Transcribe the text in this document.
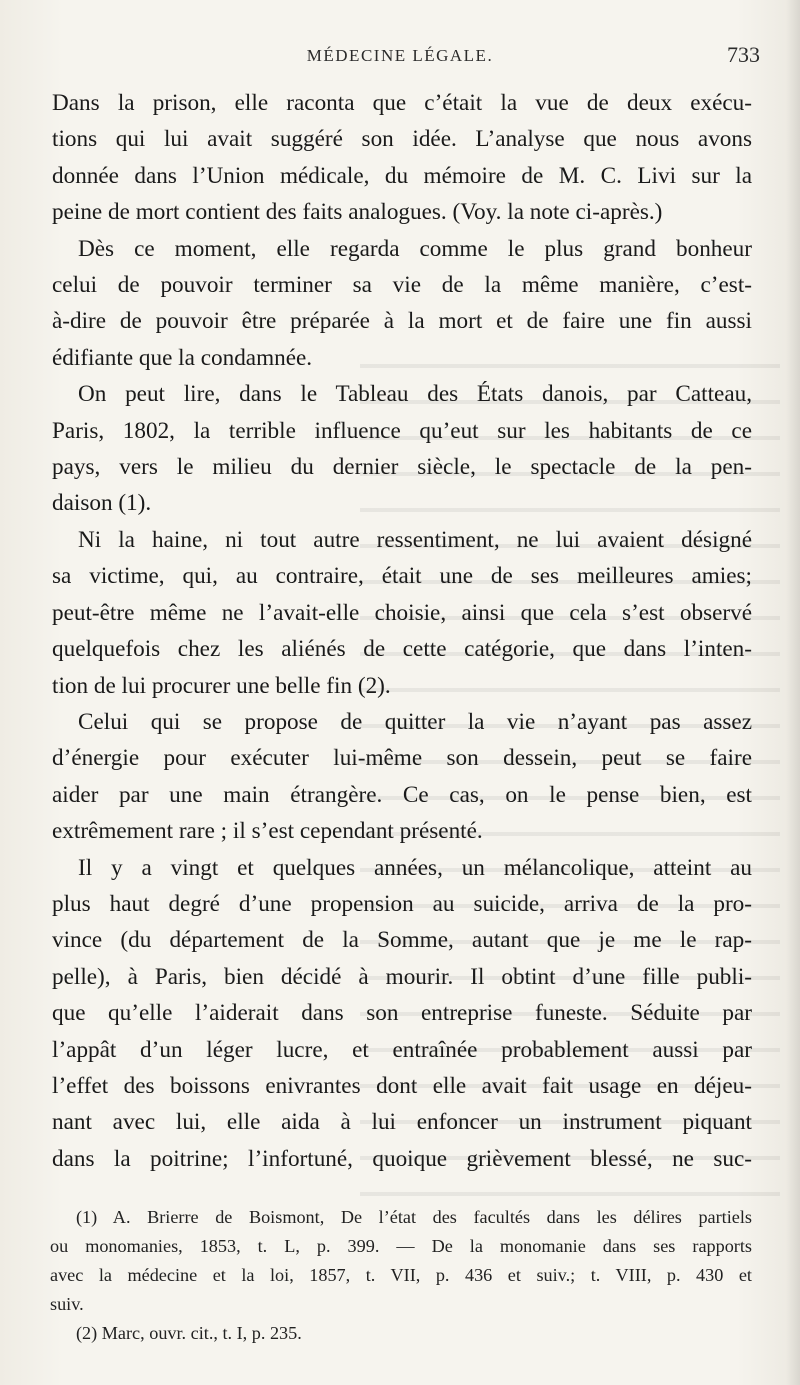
MÉDECINE LÉGALE.	733

Dans la prison, elle raconta que c’était la vue de deux exécu-
tions qui lui avait suggéré son idée. L’analyse que nous avons
donnée dans l’Union médicale, du mémoire de M. C. Livi sur la
peine de mort contient des faits analogues. (Voy. la note ci-après.)

Dès ce moment, elle regarda comme le plus grand bonheur
celui de pouvoir terminer sa vie de la même manière, c’est-
à-dire de pouvoir être préparée à la mort et de faire une fin aussi
édifiante que la condamnée.

On peut lire, dans le Tableau des États danois, par Catteau,
Paris, 1802, la terrible influence qu’eut sur les habitants de ce
pays, vers le milieu du dernier siècle, le spectacle de la pen-
daison (1).

Ni la haine, ni tout autre ressentiment, ne lui avaient désigné
sa victime, qui, au contraire, était une de ses meilleures amies;
peut-être même ne l’avait-elle choisie, ainsi que cela s’est observé
quelquefois chez les aliénés de cette catégorie, que dans l’inten-
tion de lui procurer une belle fin (2).

Celui qui se propose de quitter la vie n’ayant pas assez
d’énergie pour exécuter lui-même son dessein, peut se faire
aider par une main étrangère. Ce cas, on le pense bien, est
extrêmement rare ; il s’est cependant présenté.

Il y a vingt et quelques années, un mélancolique, atteint au
plus haut degré d’une propension au suicide, arriva de la pro-
vince (du département de la Somme, autant que je me le rap-
pelle), à Paris, bien décidé à mourir. Il obtint d’une fille publi-
que qu’elle l’aiderait dans son entreprise funeste. Séduite par
l’appât d’un léger lucre, et entraînée probablement aussi par
l’effet des boissons enivrantes dont elle avait fait usage en déjeu-
nant avec lui, elle aida à lui enfoncer un instrument piquant
dans la poitrine; l’infortuné, quoique grièvement blessé, ne suc-

(1) A. Brierre de Boismont, De l’état des facultés dans les délires partiels
ou monomanies, 1853, t. L, p. 399. — De la monomanie dans ses rapports
avec la médecine et la loi, 1857, t. VII, p. 436 et suiv.; t. VIII, p. 430 et
suiv.
(2) Marc, ouvr. cit., t. I, p. 235.
